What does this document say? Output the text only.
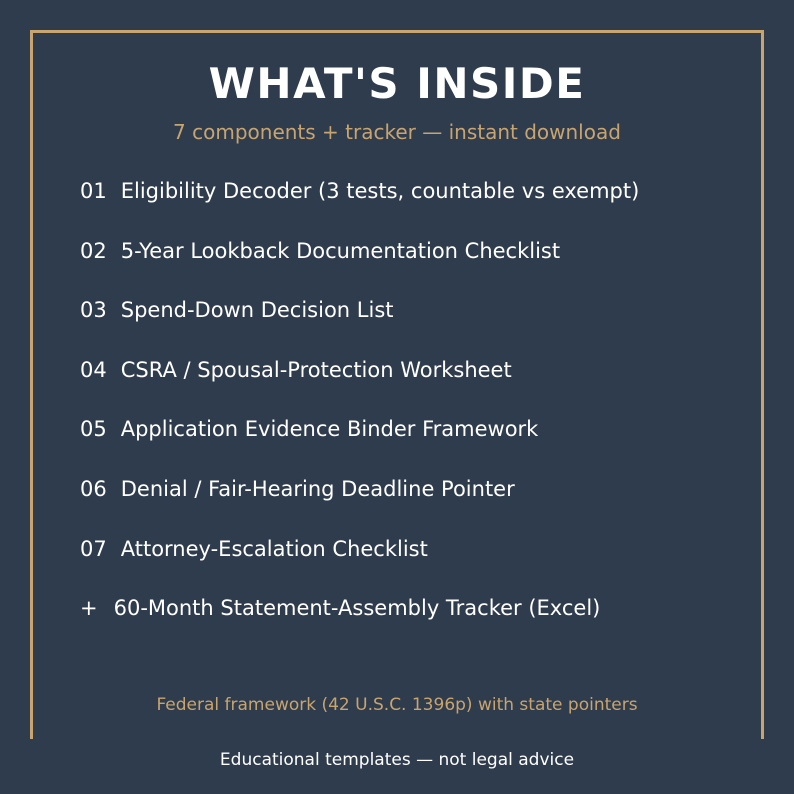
WHAT'S INSIDE
7 components + tracker — instant download
01 Eligibility Decoder (3 tests, countable vs exempt)
02 5-Year Lookback Documentation Checklist
03 Spend-Down Decision List
04 CSRA / Spousal-Protection Worksheet
05 Application Evidence Binder Framework
06 Denial / Fair-Hearing Deadline Pointer
07 Attorney-Escalation Checklist
+ 60-Month Statement-Assembly Tracker (Excel)
Federal framework (42 U.S.C. 1396p) with state pointers
Educational templates — not legal advice
